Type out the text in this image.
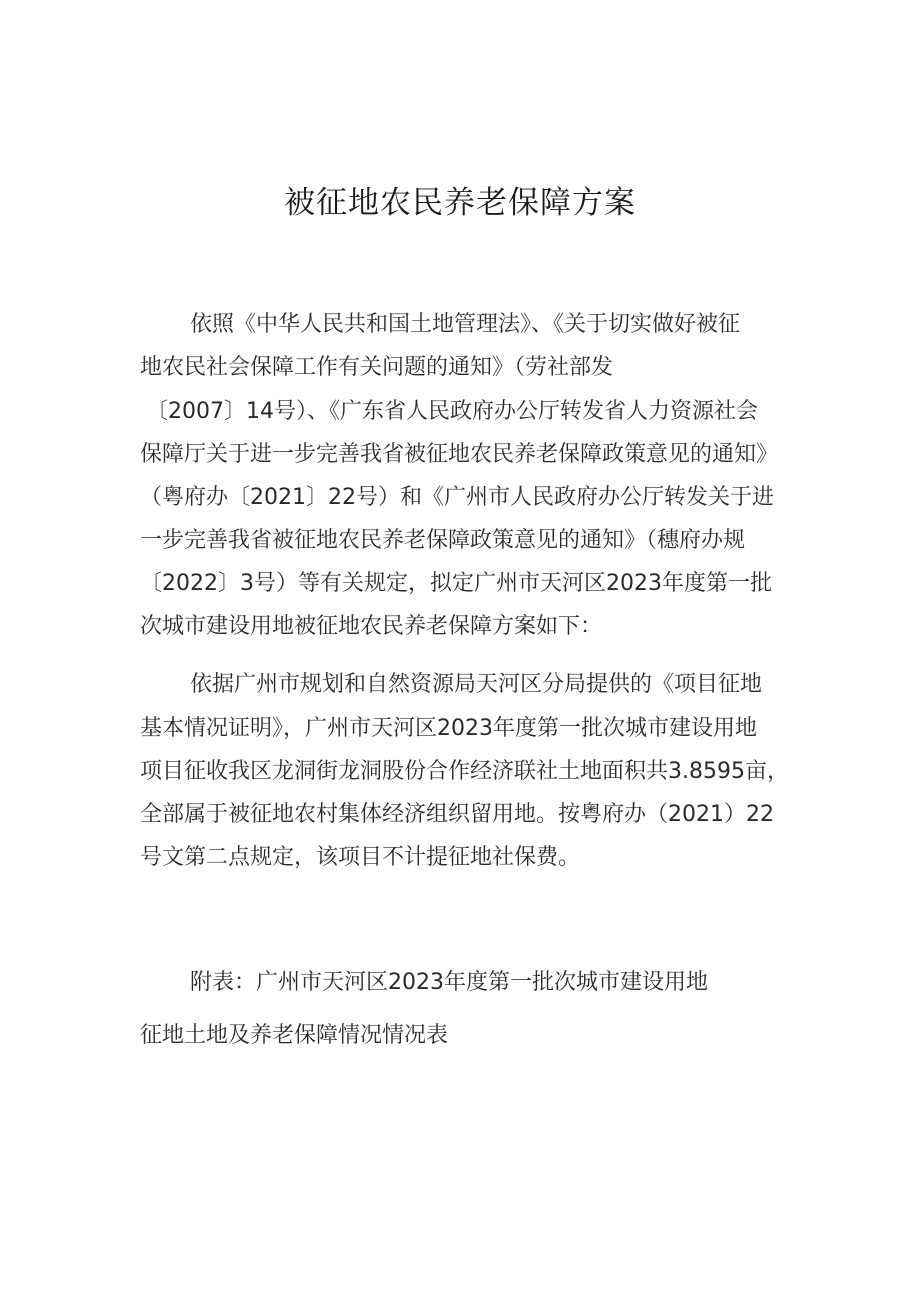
被征地农民养老保障方案
依照《中华人民共和国土地管理法》、《关于切实做好被征
地农民社会保障工作有关问题的通知》（劳社部发
〔2007〕14号）、《广东省人民政府办公厅转发省人力资源社会
保障厅关于进一步完善我省被征地农民养老保障政策意见的通知》
（粤府办〔2021〕22号）和《广州市人民政府办公厅转发关于进
一步完善我省被征地农民养老保障政策意见的通知》（穗府办规
〔2022〕3号）等有关规定，拟定广州市天河区2023年度第一批
次城市建设用地被征地农民养老保障方案如下：
依据广州市规划和自然资源局天河区分局提供的《项目征地
基本情况证明》，广州市天河区2023年度第一批次城市建设用地
项目征收我区龙洞街龙洞股份合作经济联社土地面积共3.8595亩，
全部属于被征地农村集体经济组织留用地。按粤府办（2021）22
号文第二点规定，该项目不计提征地社保费。
附表：广州市天河区2023年度第一批次城市建设用地
征地土地及养老保障情况情况表
